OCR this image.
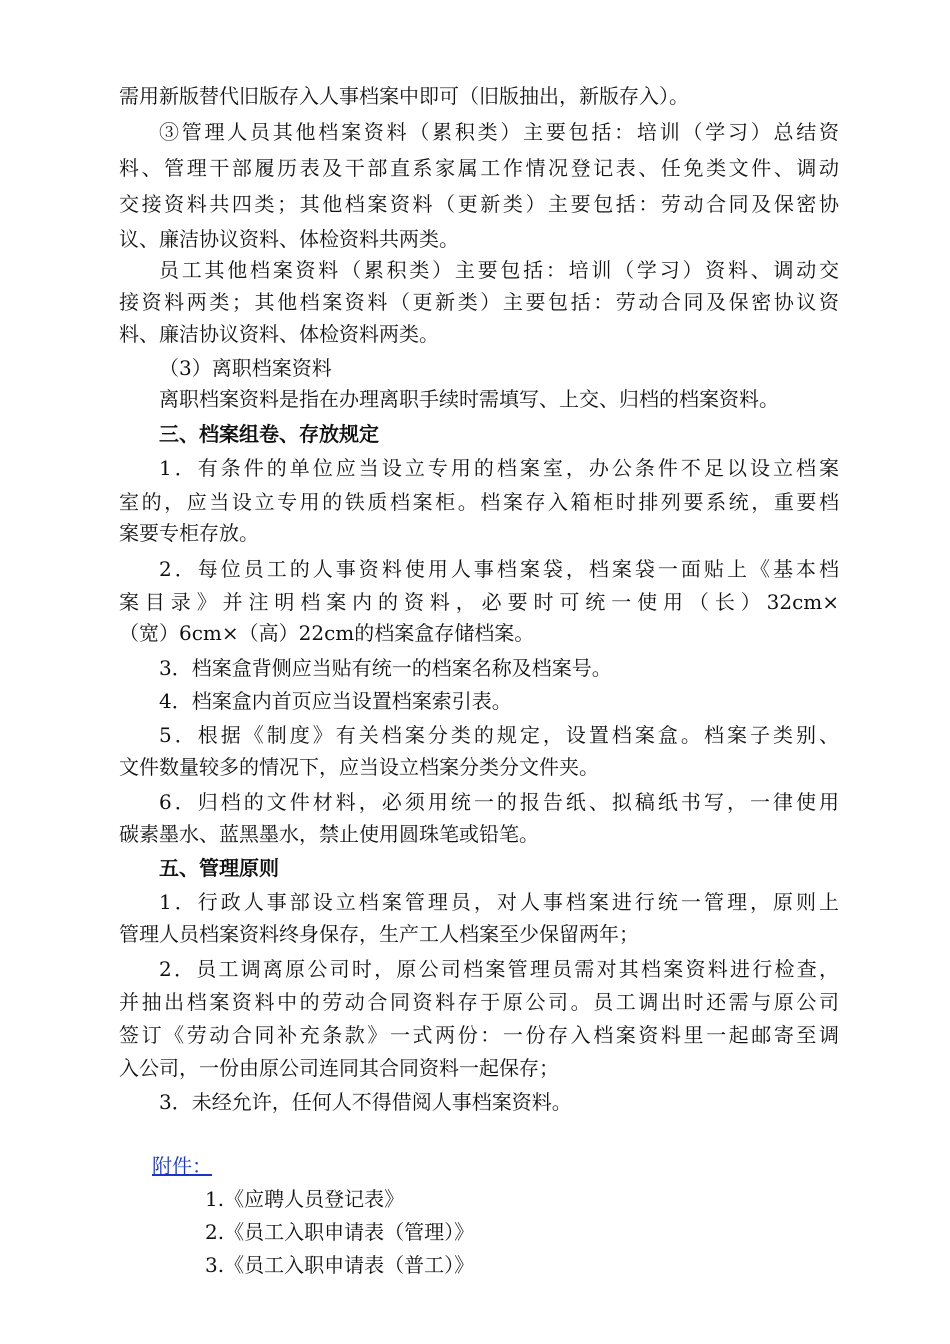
需用新版替代旧版存入人事档案中即可（旧版抽出，新版存入）。
③管理人员其他档案资料（累积类）主要包括：培训（学习）总结资
料、管理干部履历表及干部直系家属工作情况登记表、任免类文件、调动
交接资料共四类；其他档案资料（更新类）主要包括：劳动合同及保密协
议、廉洁协议资料、体检资料共两类。
员工其他档案资料（累积类）主要包括：培训（学习）资料、调动交
接资料两类；其他档案资料（更新类）主要包括：劳动合同及保密协议资
料、廉洁协议资料、体检资料两类。
（3）离职档案资料
离职档案资料是指在办理离职手续时需填写、上交、归档的档案资料。
三、档案组卷、存放规定
1．有条件的单位应当设立专用的档案室，办公条件不足以设立档案
室的，应当设立专用的铁质档案柜。档案存入箱柜时排列要系统，重要档
案要专柜存放。
2．每位员工的人事资料使用人事档案袋，档案袋一面贴上《基本档
案目录》并注明档案内的资料，必要时可统一使用（长）32cm×
（宽）6cm×（高）22cm的档案盒存储档案。
3．档案盒背侧应当贴有统一的档案名称及档案号。
4．档案盒内首页应当设置档案索引表。
5．根据《制度》有关档案分类的规定，设置档案盒。档案子类别、
文件数量较多的情况下，应当设立档案分类分文件夹。
6．归档的文件材料，必须用统一的报告纸、拟稿纸书写，一律使用
碳素墨水、蓝黑墨水，禁止使用圆珠笔或铅笔。
五、管理原则
1．行政人事部设立档案管理员，对人事档案进行统一管理，原则上
管理人员档案资料终身保存，生产工人档案至少保留两年；
2．员工调离原公司时，原公司档案管理员需对其档案资料进行检查，
并抽出档案资料中的劳动合同资料存于原公司。员工调出时还需与原公司
签订《劳动合同补充条款》一式两份：一份存入档案资料里一起邮寄至调
入公司，一份由原公司连同其合同资料一起保存；
3．未经允许，任何人不得借阅人事档案资料。
附件：
1.《应聘人员登记表》
2.《员工入职申请表（管理）》
3.《员工入职申请表（普工）》
